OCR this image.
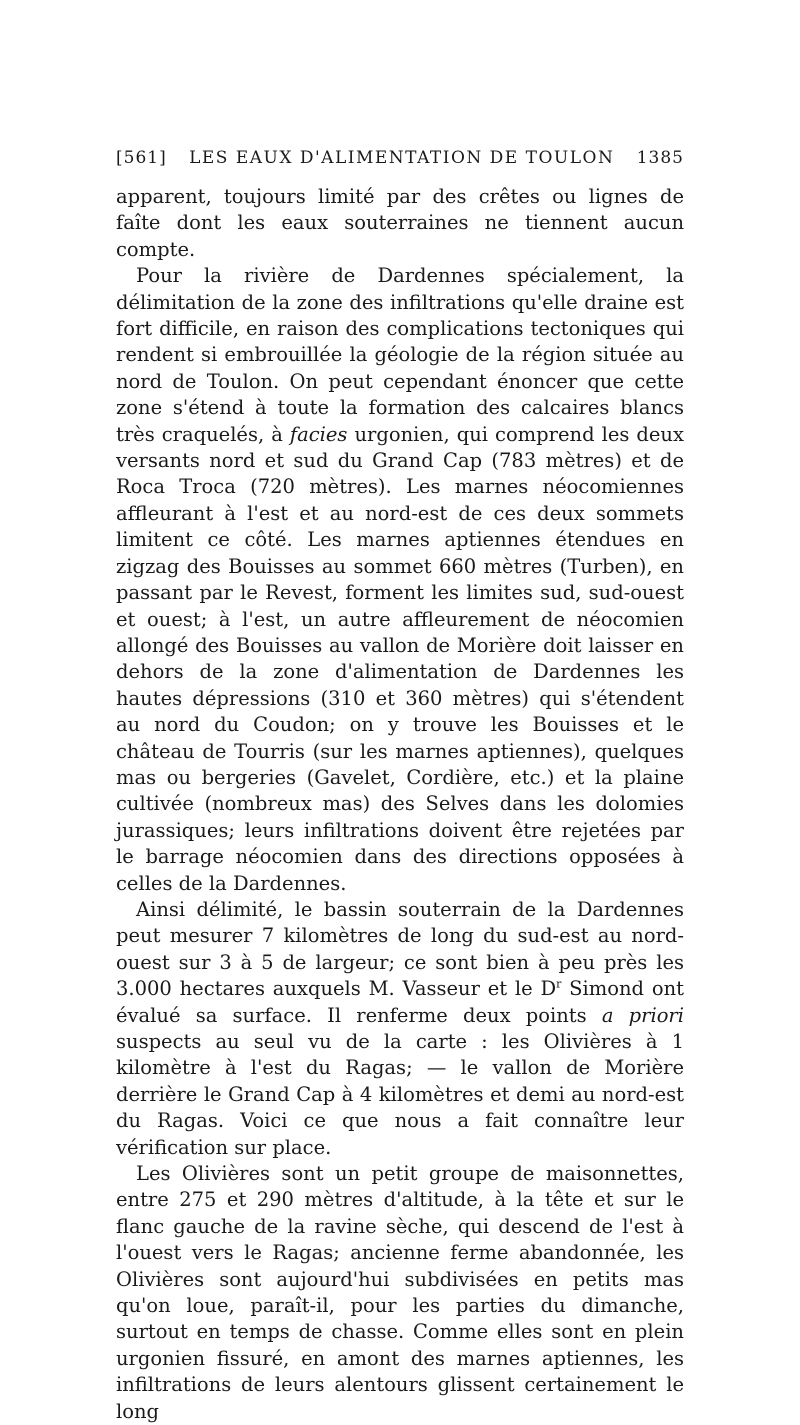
[561] LES EAUX D'ALIMENTATION DE TOULON 1385

apparent, toujours limité par des crêtes ou lignes de faîte dont les eaux souterraines ne tiennent aucun compte.

Pour la rivière de Dardennes spécialement, la délimitation de la zone des infiltrations qu'elle draine est fort difficile, en raison des complications tectoniques qui rendent si embrouillée la géologie de la région située au nord de Toulon. On peut cependant énoncer que cette zone s'étend à toute la formation des calcaires blancs très craquelés, à facies urgonien, qui comprend les deux versants nord et sud du Grand Cap (783 mètres) et de Roca Troca (720 mètres). Les marnes néocomiennes affleurant à l'est et au nord-est de ces deux sommets limitent ce côté. Les marnes aptiennes étendues en zigzag des Bouisses au sommet 660 mètres (Turben), en passant par le Revest, forment les limites sud, sud-ouest et ouest; à l'est, un autre affleurement de néocomien allongé des Bouisses au vallon de Morière doit laisser en dehors de la zone d'alimentation de Dardennes les hautes dépressions (310 et 360 mètres) qui s'étendent au nord du Coudon; on y trouve les Bouisses et le château de Tourris (sur les marnes aptiennes), quelques mas ou bergeries (Gavelet, Cordière, etc.) et la plaine cultivée (nombreux mas) des Selves dans les dolomies jurassiques; leurs infiltrations doivent être rejetées par le barrage néocomien dans des directions opposées à celles de la Dardennes.

Ainsi délimité, le bassin souterrain de la Dardennes peut mesurer 7 kilomètres de long du sud-est au nord-ouest sur 3 à 5 de largeur; ce sont bien à peu près les 3.000 hectares auxquels M. Vasseur et le $D^r$ Simond ont évalué sa surface. Il renferme deux points a priori suspects au seul vu de la carte : les Olivières à 1 kilomètre à l'est du Ragas; — le vallon de Morière derrière le Grand Cap à 4 kilomètres et demi au nord-est du Ragas. Voici ce que nous a fait connaître leur vérification sur place.

Les Olivières sont un petit groupe de maisonnettes, entre 275 et 290 mètres d'altitude, à la tête et sur le flanc gauche de la ravine sèche, qui descend de l'est à l'ouest vers le Ragas; ancienne ferme abandonnée, les Olivières sont aujourd'hui subdivisées en petits mas qu'on loue, paraît-il, pour les parties du dimanche, surtout en temps de chasse. Comme elles sont en plein urgonien fissuré, en amont des marnes aptiennes, les infiltrations de leurs alentours glissent certainement le long
